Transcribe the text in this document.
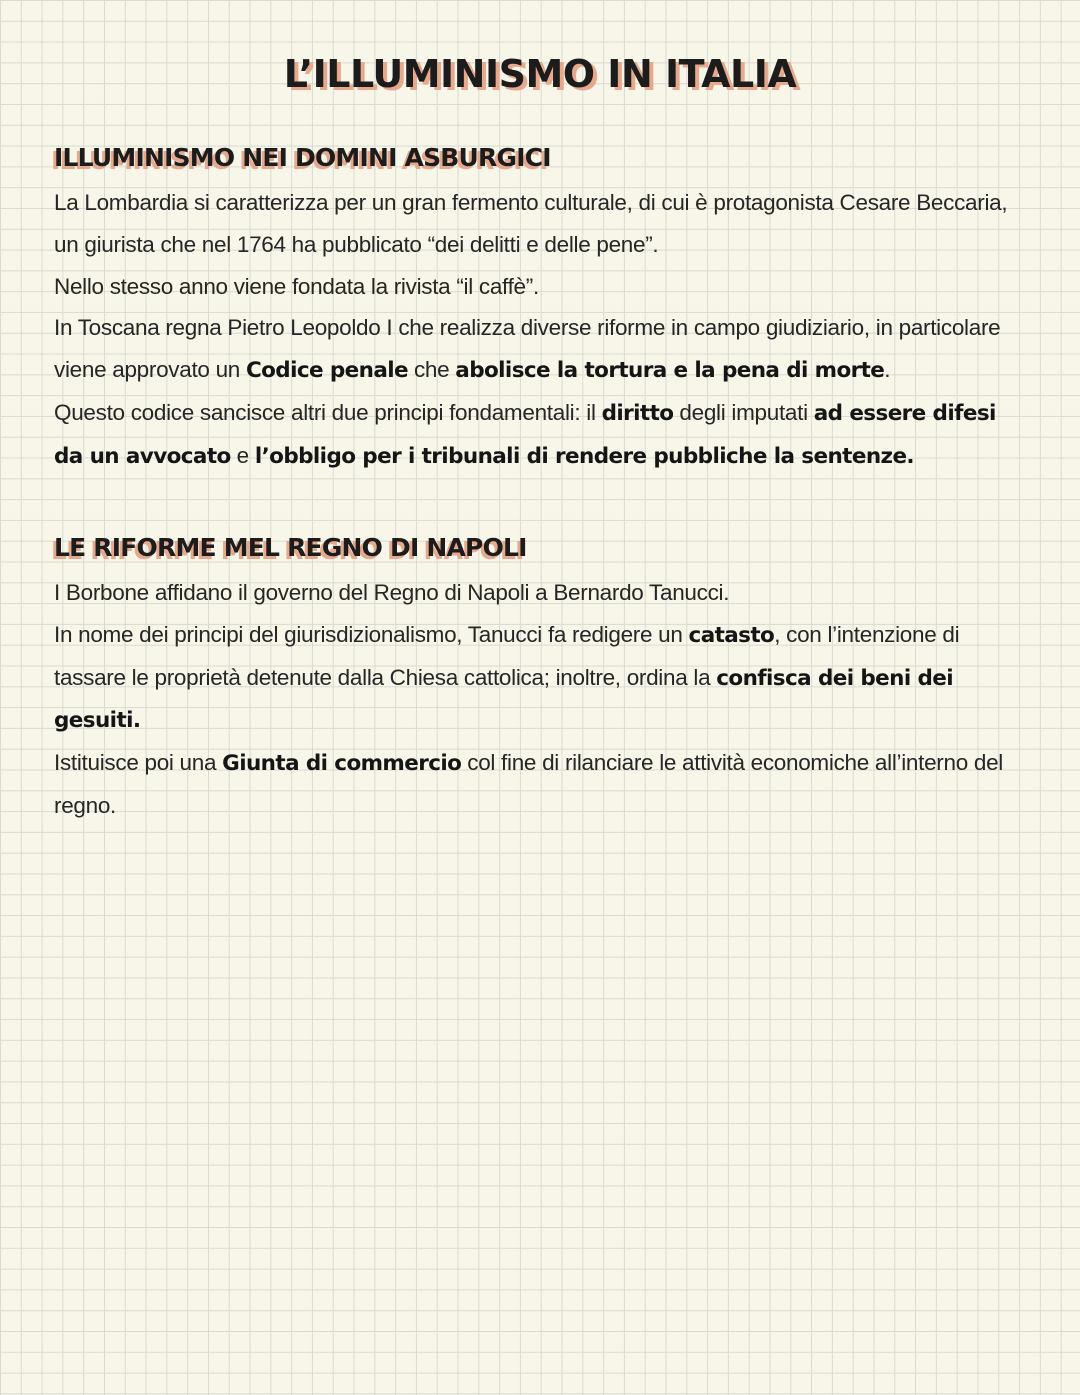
L’ILLUMINISMO IN ITALIA
ILLUMINISMO NEI DOMINI ASBURGICI
La Lombardia si caratterizza per un gran fermento culturale, di cui è protagonista Cesare Beccaria, un giurista che nel 1764 ha pubblicato “dei delitti e delle pene”.
Nello stesso anno viene fondata la rivista “il caffè”.
In Toscana regna Pietro Leopoldo I che realizza diverse riforme in campo giudiziario, in particolare viene approvato un Codice penale che abolisce la tortura e la pena di morte.
Questo codice sancisce altri due principi fondamentali: il diritto degli imputati ad essere difesi da un avvocato e l’obbligo per i tribunali di rendere pubbliche la sentenze.
LE RIFORME MEL REGNO DI NAPOLI
I Borbone affidano il governo del Regno di Napoli a Bernardo Tanucci.
In nome dei principi del giurisdizionalismo, Tanucci fa redigere un catasto, con l’intenzione di tassare le proprietà detenute dalla Chiesa cattolica; inoltre, ordina la confisca dei beni dei gesuiti.
Istituisce poi una Giunta di commercio col fine di rilanciare le attività economiche all’interno del regno.
